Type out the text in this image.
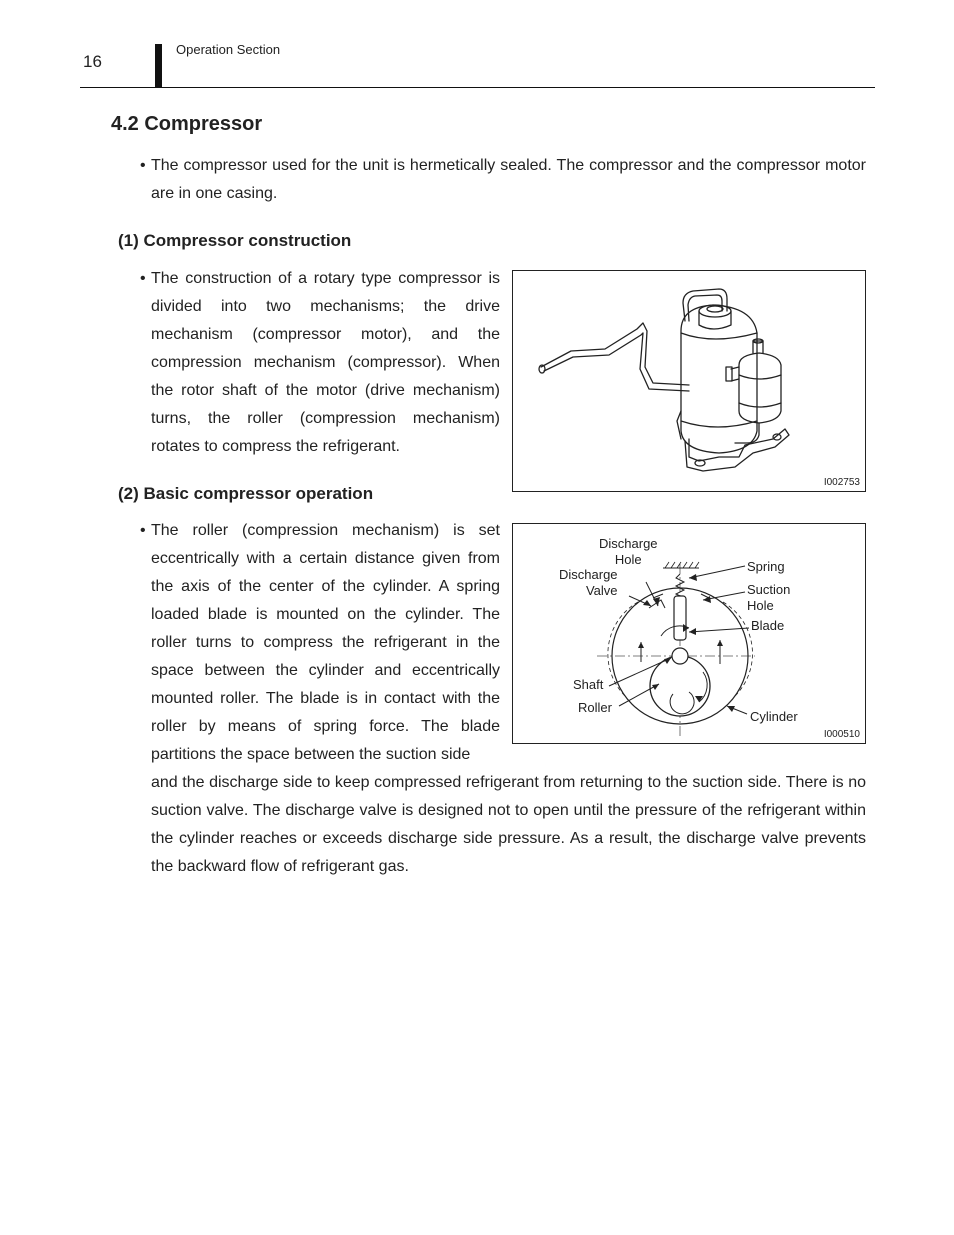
16
Operation Section
4.2 Compressor
• The compressor used for the unit is hermetically sealed. The compressor and the compressor motor are in one casing.

(1) Compressor construction
• The construction of a rotary type compressor is divided into two mechanisms; the drive mechanism (compressor motor), and the compression mechanism (compressor). When the rotor shaft of the motor (drive mechanism) turns, the roller (compression mechanism) rotates to compress the refrigerant.

I002753
(2) Basic compressor operation
• The roller (compression mechanism) is set eccentrically with a certain distance given from the axis of the center of the cylinder. A spring loaded blade is mounted on the cylinder. The roller turns to compress the refrigerant in the space between the cylinder and eccentrically mounted roller. The blade is in contact with the roller by means of spring force. The blade partitions the space between the suction side

and the discharge side to keep compressed refrigerant from returning to the suction side. There is no suction valve. The discharge valve is designed not to open until the pressure of the refrigerant within the cylinder reaches or exceeds discharge side pressure. As a result, the discharge valve prevents the backward flow of refrigerant gas.

Discharge
Hole
Discharge
Valve
Spring
Suction
Hole
Blade
Shaft
Roller
Cylinder
I000510
